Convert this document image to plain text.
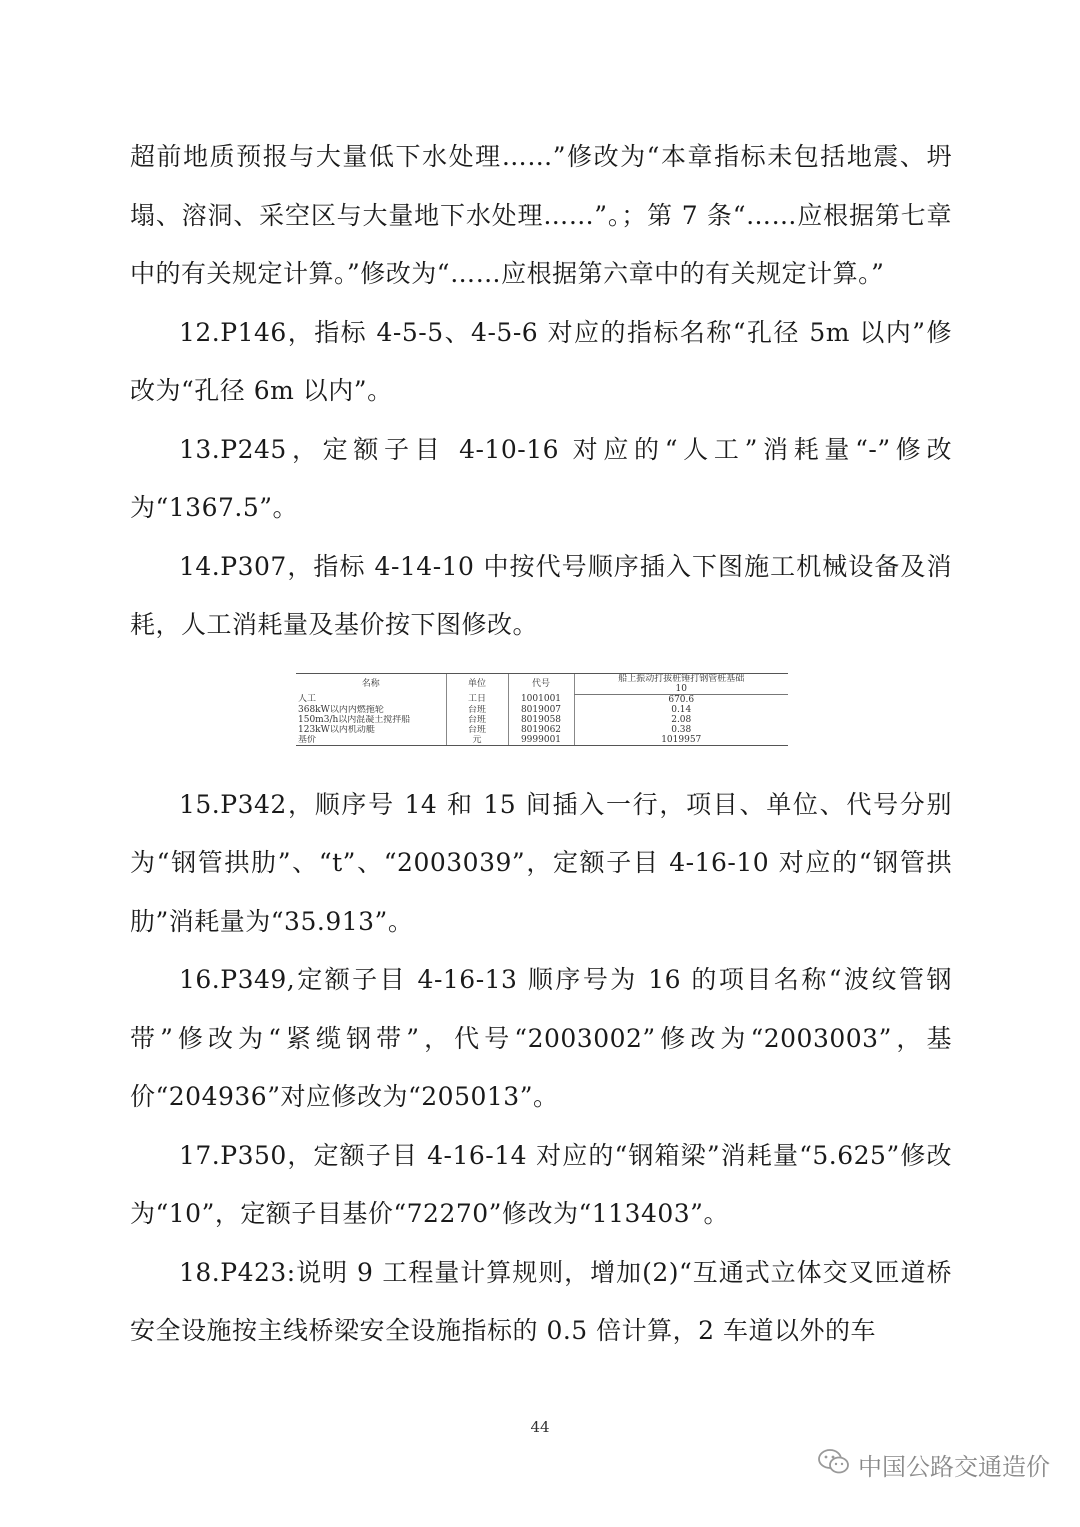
超前地质预报与大量低下水处理……”修改为“本章指标未包括地震、坍塌、溶洞、采空区与大量地下水处理……”。；第 7 条“……应根据第七章中的有关规定计算。”修改为“……应根据第六章中的有关规定计算。”

12.P146，指标 4-5-5、4-5-6 对应的指标名称“孔径 5m 以内”修改为“孔径 6m 以内”。

13.P245，定额子目 4-10-16 对应的“人工”消耗量“-”修改为“1367.5”。

14.P307，指标 4-14-10 中按代号顺序插入下图施工机械设备及消耗，人工消耗量及基价按下图修改。

名称	单位	代号	船上振动打拔桩锤打钢管桩基础
			10
人工	工日	1001001	670.6
368kW以内内燃拖轮	台班	8019007	0.14
150m3/h以内混凝土搅拌船	台班	8019058	2.08
123kW以内机动艇	台班	8019062	0.38
基价	元	9999001	1019957

15.P342，顺序号 14 和 15 间插入一行，项目、单位、代号分别为“钢管拱肋”、“t”、“2003039”，定额子目 4-16-10 对应的“钢管拱肋”消耗量为“35.913”。

16.P349,定额子目 4-16-13 顺序号为 16 的项目名称“波纹管钢带”修改为“紧缆钢带”，代号“2003002”修改为“2003003”，基价“204936”对应修改为“205013”。

17.P350，定额子目 4-16-14 对应的“钢箱梁”消耗量“5.625”修改为“10”，定额子目基价“72270”修改为“113403”。

18.P423:说明 9 工程量计算规则，增加(2)“互通式立体交叉匝道桥安全设施按主线桥梁安全设施指标的 0.5 倍计算，2 车道以外的车

44
中国公路交通造价
